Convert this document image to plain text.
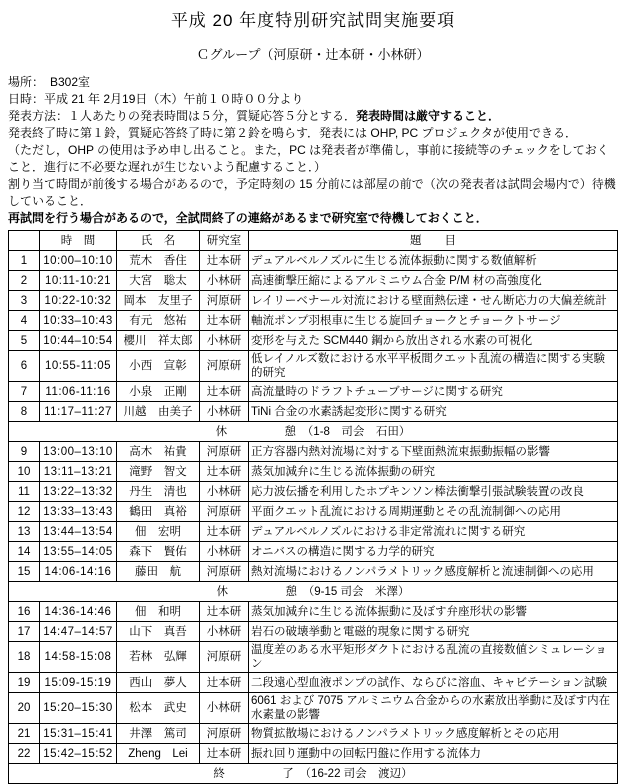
平成 20 年度特別研究試問実施要項
Ｃグループ（河原研・辻本研・小林研）

場所：　B302室

日時：平成 21 年 2月19日（木）午前１０時００分より

発表方法：１人あたりの発表時間は５分，質疑応答５分とする．発表時間は厳守すること．

発表終了時に第１鈴，質疑応答終了時に第２鈴を鳴らす．発表には OHP, PC プロジェクタが使用できる．

（ただし，OHP の使用は予め申し出ること。また，PC は発表者が準備し，事前に接続等のチェックをしておくこと．進行に不必要な遅れが生じないよう配慮すること．）

割り当て時間が前後する場合があるので，予定時刻の 15 分前には部屋の前で（次の発表者は試問会場内で）待機していること．

再試問を行う場合があるので，全試問終了の連絡があるまで研究室で待機しておくこと．

	時　間	氏　名	研究室	題　　目
1	10:00–10:10	荒木　香住	辻本研	デュアルベルノズルに生じる流体振動に関する数値解析
2	10:11-10:21	大宮　聡太	小林研	高速衝撃圧縮によるアルミニウム合金 P/M 材の高強度化
3	10:22-10:32	岡本　友里子	河原研	レイリーベナール対流における壁面熱伝達・せん断応力の大偏差統計
4	10:33–10:43	有元　悠祐	辻本研	軸流ポンプ羽根車に生じる旋回チョークとチョークトサージ
5	10:44–10:54	櫻川　祥太郎	小林研	変形を与えた SCM440 鋼から放出される水素の可視化
6	10:55-11:05	小西　宣彰	河原研	低レイノルズ数における水平平板間クエット乱流の構造に関する実験的研究
7	11:06-11:16	小泉　正剛	辻本研	高流量時のドラフトチューブサージに関する研究
8	11:17–11:27	川越　由美子	小林研	TiNi 合金の水素誘起変形に関する研究
休　　　　　憩　（1-8　司会　石田）				
9	13:00–13:10	高木　祐貴	河原研	正方容器内熱対流場に対する下壁面熱流束振動振幅の影響
10	13:11–13:21	滝野　智文	辻本研	蒸気加減弁に生じる流体振動の研究
11	13:22–13:32	丹生　清也	小林研	応力波伝播を利用したホプキンソン棒法衝撃引張試験装置の改良
12	13:33–13:43	鶴田　真裕	河原研	平面クエット乱流における周期運動とその乱流制御への応用
13	13:44–13:54	佃　宏明	辻本研	デュアルベルノズルにおける非定常流れに関する研究
14	13:55–14:05	森下　賢佑	小林研	オニバスの構造に関する力学的研究
15	14:06-14:16	藤田　航	河原研	熱対流場におけるノンパラメトリック感度解析と流速制御への応用
休　　　　　憩　（9-15 司会　米澤）				
16	14:36-14:46	佃　和明	辻本研	蒸気加減弁に生じる流体振動に及ぼす弁座形状の影響
17	14:47–14:57	山下　真吾	小林研	岩石の破壊挙動と電磁的現象に関する研究
18	14:58-15:08	若林　弘輝	河原研	温度差のある水平矩形ダクトにおける乱流の直接数値シミュレーション
19	15:09-15:19	西山　夢人	辻本研	二段遠心型血液ポンプの試作、ならびに溶血、キャビテーション試験
20	15:20–15:30	松本　武史	小林研	6061 および 7075 アルミニウム合金からの水素放出挙動に及ぼす内在水素量の影響
21	15:31–15:41	井澤　篤司	河原研	物質拡散場におけるノンパラメトリック感度解析とその応用
22	15:42–15:52	Zheng　Lei	辻本研	振れ回り運動中の回転円盤に作用する流体力
終　　　　　了　（16-22 司会　渡辺）				
